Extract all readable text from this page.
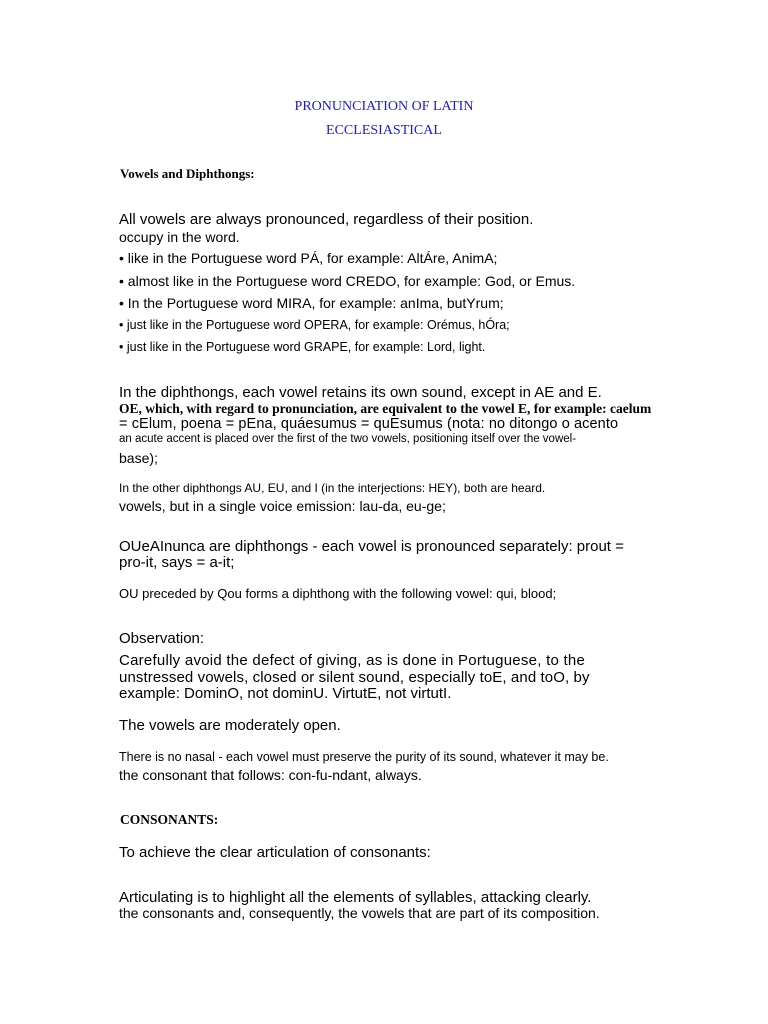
PRONUNCIATION OF LATIN
ECCLESIASTICAL
Vowels and Diphthongs:
All vowels are always pronounced, regardless of their position.
occupy in the word.
• like in the Portuguese word PÁ, for example: AltÁre, AnimA;
• almost like in the Portuguese word CREDO, for example: God, or Emus.
• In the Portuguese word MIRA, for example: anIma, butYrum;
• just like in the Portuguese word OPERA, for example: Orémus, hÓra;
• just like in the Portuguese word GRAPE, for example: Lord, light.
In the diphthongs, each vowel retains its own sound, except in AE and E.
OE, which, with regard to pronunciation, are equivalent to the vowel E, for example: caelum
= cElum, poena = pEna, quáesumus = quEsumus (nota: no ditongo o acento
an acute accent is placed over the first of the two vowels, positioning itself over the vowel-
base);
In the other diphthongs AU, EU, and I (in the interjections: HEY), both are heard.
vowels, but in a single voice emission: lau-da, eu-ge;
OUeAInunca are diphthongs - each vowel is pronounced separately: prout =
pro-it, says = a-it;
OU preceded by Qou forms a diphthong with the following vowel: qui, blood;
Observation:
Carefully avoid the defect of giving, as is done in Portuguese, to the
unstressed vowels, closed or silent sound, especially toE, and toO, by
example: DominO, not dominU. VirtutE, not virtutI.
The vowels are moderately open.
There is no nasal - each vowel must preserve the purity of its sound, whatever it may be.
the consonant that follows: con-fu-ndant, always.
CONSONANTS:
To achieve the clear articulation of consonants:
Articulating is to highlight all the elements of syllables, attacking clearly.
the consonants and, consequently, the vowels that are part of its composition.
